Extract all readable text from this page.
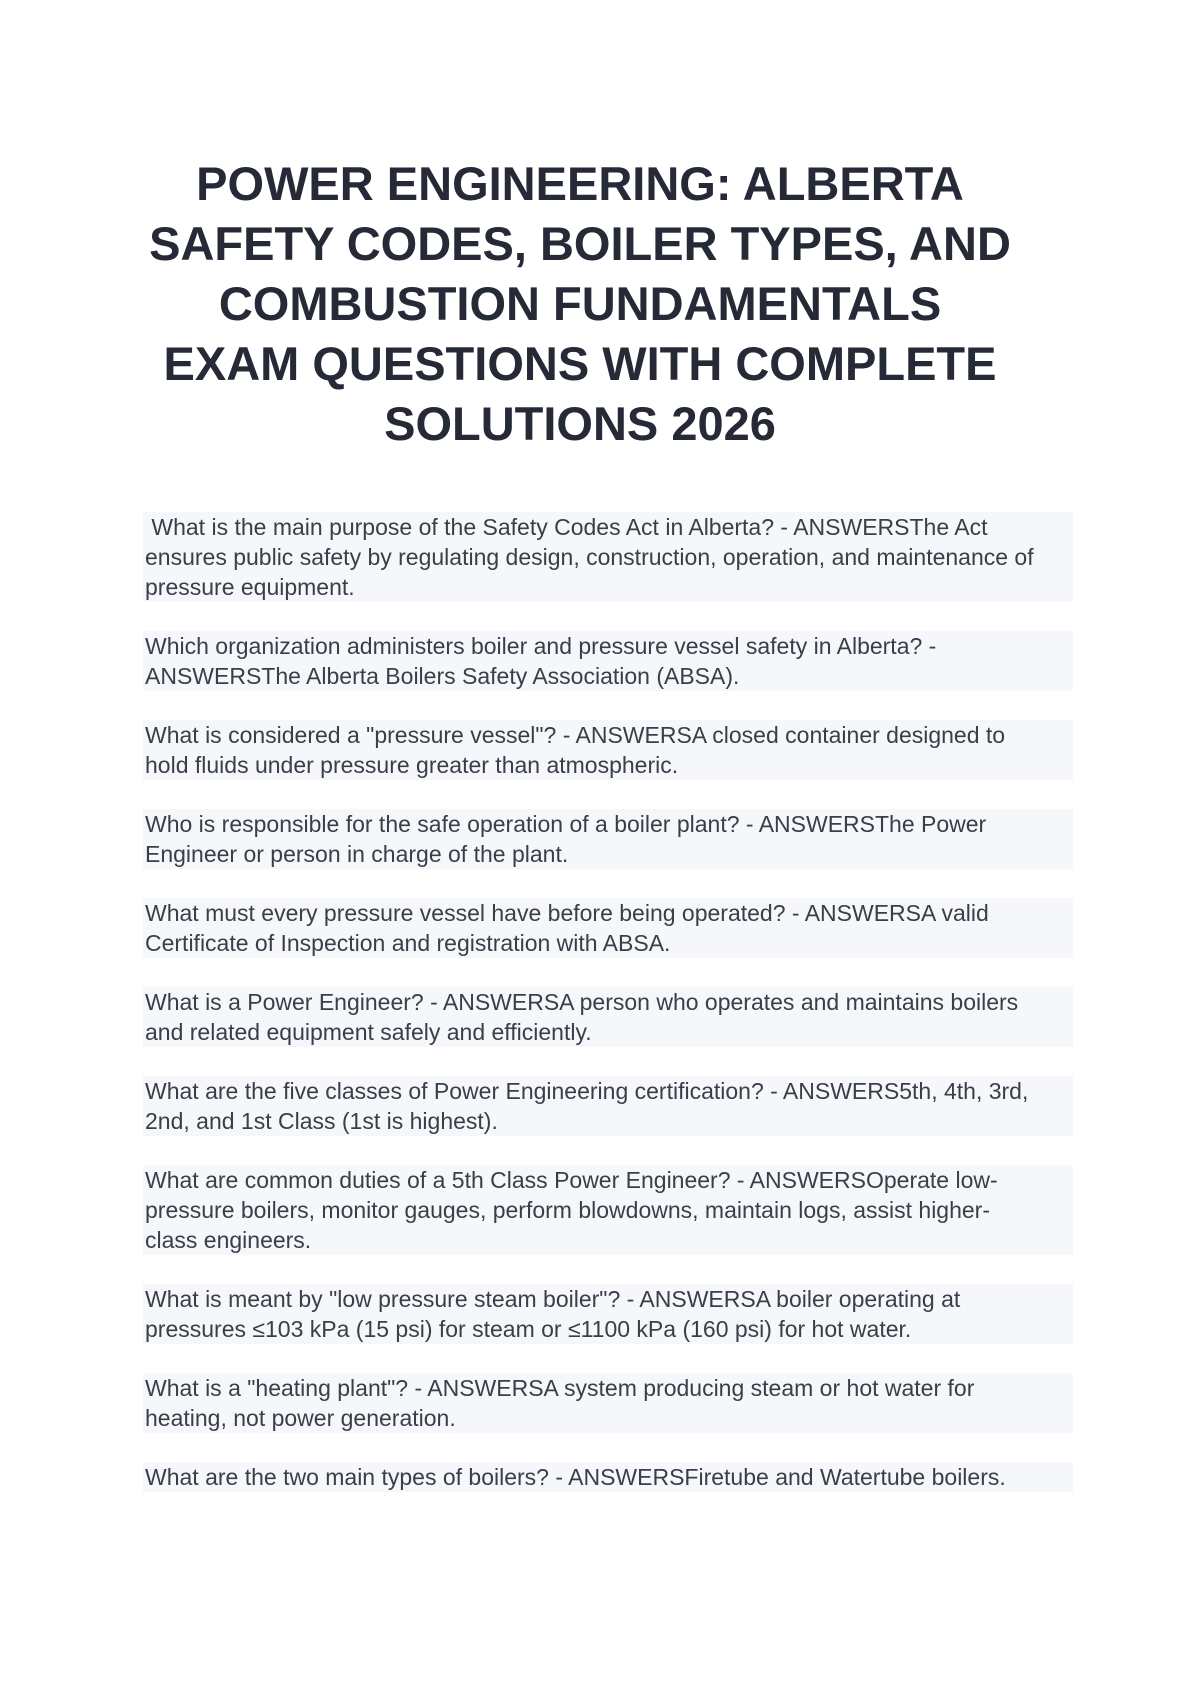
POWER ENGINEERING: ALBERTA
SAFETY CODES, BOILER TYPES, AND
COMBUSTION FUNDAMENTALS
EXAM QUESTIONS WITH COMPLETE
SOLUTIONS 2026

What is the main purpose of the Safety Codes Act in Alberta? - ANSWERSThe Act
ensures public safety by regulating design, construction, operation, and maintenance of
pressure equipment.

Which organization administers boiler and pressure vessel safety in Alberta? -
ANSWERSThe Alberta Boilers Safety Association (ABSA).

What is considered a "pressure vessel"? - ANSWERSA closed container designed to
hold fluids under pressure greater than atmospheric.

Who is responsible for the safe operation of a boiler plant? - ANSWERSThe Power
Engineer or person in charge of the plant.

What must every pressure vessel have before being operated? - ANSWERSA valid
Certificate of Inspection and registration with ABSA.

What is a Power Engineer? - ANSWERSA person who operates and maintains boilers
and related equipment safely and efficiently.

What are the five classes of Power Engineering certification? - ANSWERS5th, 4th, 3rd,
2nd, and 1st Class (1st is highest).

What are common duties of a 5th Class Power Engineer? - ANSWERSOperate low-
pressure boilers, monitor gauges, perform blowdowns, maintain logs, assist higher-
class engineers.

What is meant by "low pressure steam boiler"? - ANSWERSA boiler operating at
pressures ≤103 kPa (15 psi) for steam or ≤1100 kPa (160 psi) for hot water.

What is a "heating plant"? - ANSWERSA system producing steam or hot water for
heating, not power generation.

What are the two main types of boilers? - ANSWERSFiretube and Watertube boilers.
